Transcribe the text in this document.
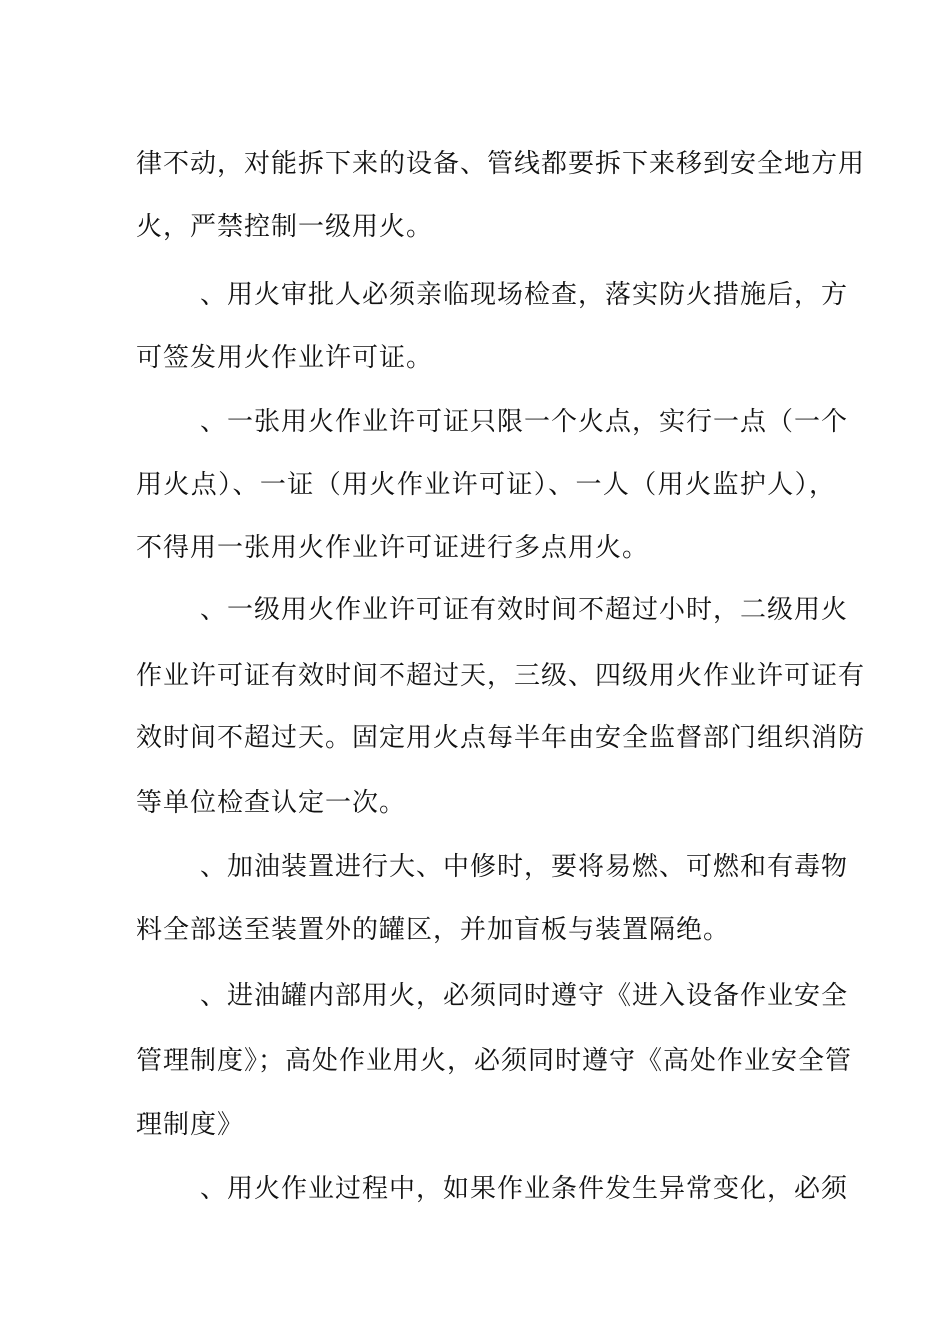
律不动，对能拆下来的设备、管线都要拆下来移到安全地方用
火，严禁控制一级用火。
、用火审批人必须亲临现场检查，落实防火措施后，方
可签发用火作业许可证。
、一张用火作业许可证只限一个火点，实行一点（一个
用火点）、一证（用火作业许可证）、一人（用火监护人），
不得用一张用火作业许可证进行多点用火。
、一级用火作业许可证有效时间不超过小时，二级用火
作业许可证有效时间不超过天，三级、四级用火作业许可证有
效时间不超过天。固定用火点每半年由安全监督部门组织消防
等单位检查认定一次。
、加油装置进行大、中修时，要将易燃、可燃和有毒物
料全部送至装置外的罐区，并加盲板与装置隔绝。
、进油罐内部用火，必须同时遵守《进入设备作业安全
管理制度》；高处作业用火，必须同时遵守《高处作业安全管
理制度》
、用火作业过程中，如果作业条件发生异常变化，必须
